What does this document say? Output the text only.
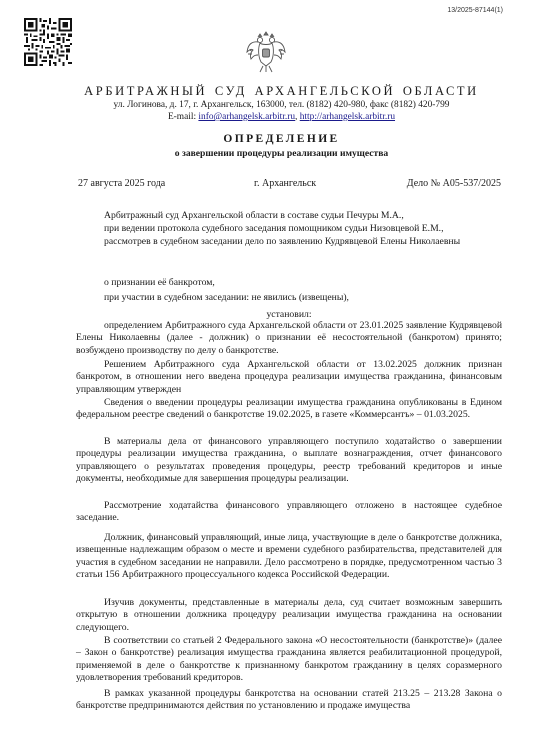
13/2025-87144(1)
АРБИТРАЖНЫЙ СУД АРХАНГЕЛЬСКОЙ ОБЛАСТИ
ул. Логинова, д. 17, г. Архангельск, 163000, тел. (8182) 420-980, факс (8182) 420-799
E-mail: info@arhangelsk.arbitr.ru, http://arhangelsk.arbitr.ru
ОПРЕДЕЛЕНИЕ
о завершении процедуры реализации имущества
27 августа 2025 года	г. Архангельск	Дело № А05-537/2025
Арбитражный суд Архангельской области в составе судьи Печуры М.А.,
при ведении протокола судебного заседания помощником судьи Низовцевой Е.М.,
рассмотрев в судебном заседании дело по заявлению Кудрявцевой Елены Николаевны
о признании её банкротом,
при участии в судебном заседании: не явились (извещены),
установил:
определением Арбитражного суда Архангельской области от 23.01.2025 заявление Кудрявцевой Елены Николаевны (далее - должник) о признании её несостоятельной (банкротом) принято; возбуждено производству по делу о банкротстве.
Решением Арбитражного суда Архангельской области от 13.02.2025 должник признан банкротом, в отношении него введена процедура реализации имущества гражданина, финансовым управляющим утвержден
Сведения о введении процедуры реализации имущества гражданина опубликованы в Едином федеральном реестре сведений о банкротстве 19.02.2025, в газете «Коммерсантъ» – 01.03.2025.
В материалы дела от финансового управляющего поступило ходатайство о завершении процедуры реализации имущества гражданина, о выплате вознаграждения, отчет финансового управляющего о результатах проведения процедуры, реестр требований кредиторов и иные документы, необходимые для завершения процедуры реализации.
Рассмотрение ходатайства финансового управляющего отложено в настоящее судебное заседание.
Должник, финансовый управляющий, иные лица, участвующие в деле о банкротстве должника, извещенные надлежащим образом о месте и времени судебного разбирательства, представителей для участия в судебном заседании не направили. Дело рассмотрено в порядке, предусмотренном частью 3 статьи 156 Арбитражного процессуального кодекса Российской Федерации.
Изучив документы, представленные в материалы дела, суд считает возможным завершить открытую в отношении должника процедуру реализации имущества гражданина на основании следующего.
В соответствии со статьей 2 Федерального закона «О несостоятельности (банкротстве)» (далее – Закон о банкротстве) реализация имущества гражданина является реабилитационной процедурой, применяемой в деле о банкротстве к признанному банкротом гражданину в целях соразмерного удовлетворения требований кредиторов.
В рамках указанной процедуры банкротства на основании статей 213.25 – 213.28 Закона о банкротстве предпринимаются действия по установлению и продаже имущества
